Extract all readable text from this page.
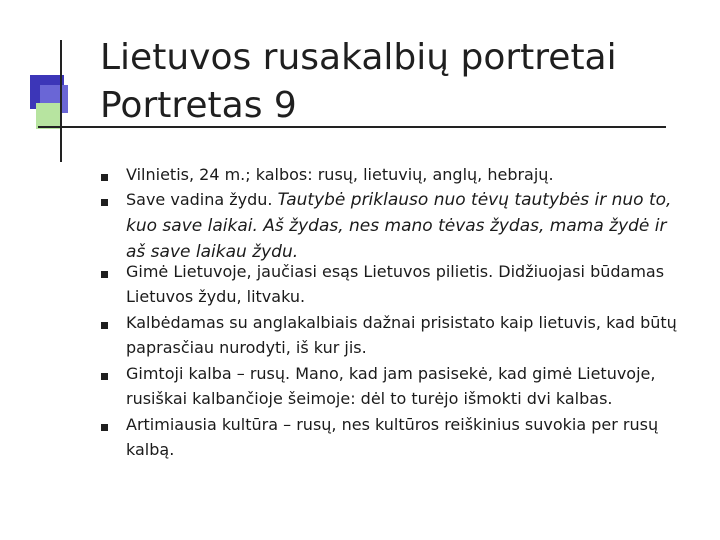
Lietuvos rusakalbių portretai
Portretas 9
Vilnietis, 24 m.; kalbos: rusų, lietuvių, anglų, hebrajų.
Save vadina žydu. Tautybė priklauso nuo tėvų tautybės ir nuo to, kuo save laikai. Aš žydas, nes mano tėvas žydas, mama žydė ir aš save laikau žydu.
Gimė Lietuvoje, jaučiasi esąs Lietuvos pilietis. Didžiuojasi būdamas Lietuvos žydu, litvaku.
Kalbėdamas su anglakalbiais dažnai prisistato kaip lietuvis, kad būtų paprasčiau nurodyti, iš kur jis.
Gimtoji kalba – rusų. Mano, kad jam pasisekė, kad gimė Lietuvoje, rusiškai kalbančioje šeimoje: dėl to turėjo išmokti dvi kalbas.
Artimiausia kultūra – rusų, nes kultūros reiškinius suvokia per rusų kalbą.
